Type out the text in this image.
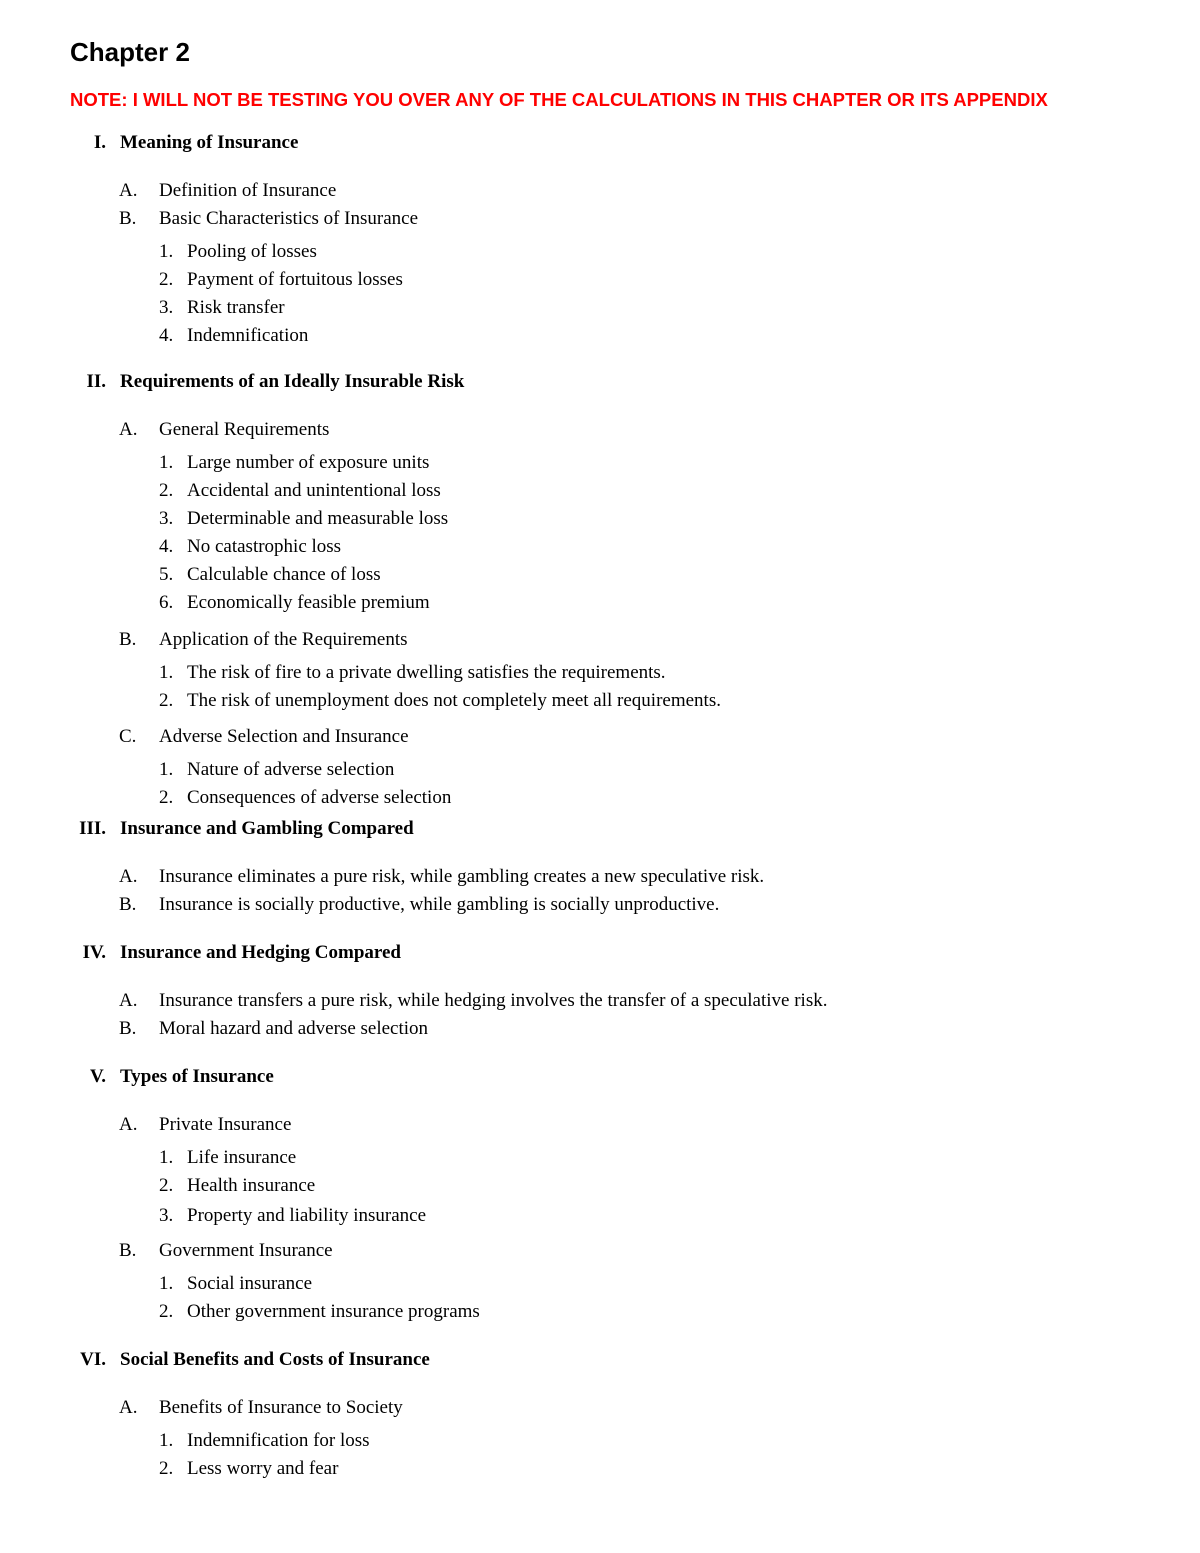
Chapter 2
NOTE: I WILL NOT BE TESTING YOU OVER ANY OF THE CALCULATIONS IN THIS CHAPTER OR ITS APPENDIX
I. Meaning of Insurance
A. Definition of Insurance
B. Basic Characteristics of Insurance
1. Pooling of losses
2. Payment of fortuitous losses
3. Risk transfer
4. Indemnification
II. Requirements of an Ideally Insurable Risk
A. General Requirements
1. Large number of exposure units
2. Accidental and unintentional loss
3. Determinable and measurable loss
4. No catastrophic loss
5. Calculable chance of loss
6. Economically feasible premium
B. Application of the Requirements
1. The risk of fire to a private dwelling satisfies the requirements.
2. The risk of unemployment does not completely meet all requirements.
C. Adverse Selection and Insurance
1. Nature of adverse selection
2. Consequences of adverse selection
III. Insurance and Gambling Compared
A. Insurance eliminates a pure risk, while gambling creates a new speculative risk.
B. Insurance is socially productive, while gambling is socially unproductive.
IV. Insurance and Hedging Compared
A. Insurance transfers a pure risk, while hedging involves the transfer of a speculative risk.
B. Moral hazard and adverse selection
V. Types of Insurance
A. Private Insurance
1. Life insurance
2. Health insurance
3. Property and liability insurance
B. Government Insurance
1. Social insurance
2. Other government insurance programs
VI. Social Benefits and Costs of Insurance
A. Benefits of Insurance to Society
1. Indemnification for loss
2. Less worry and fear
